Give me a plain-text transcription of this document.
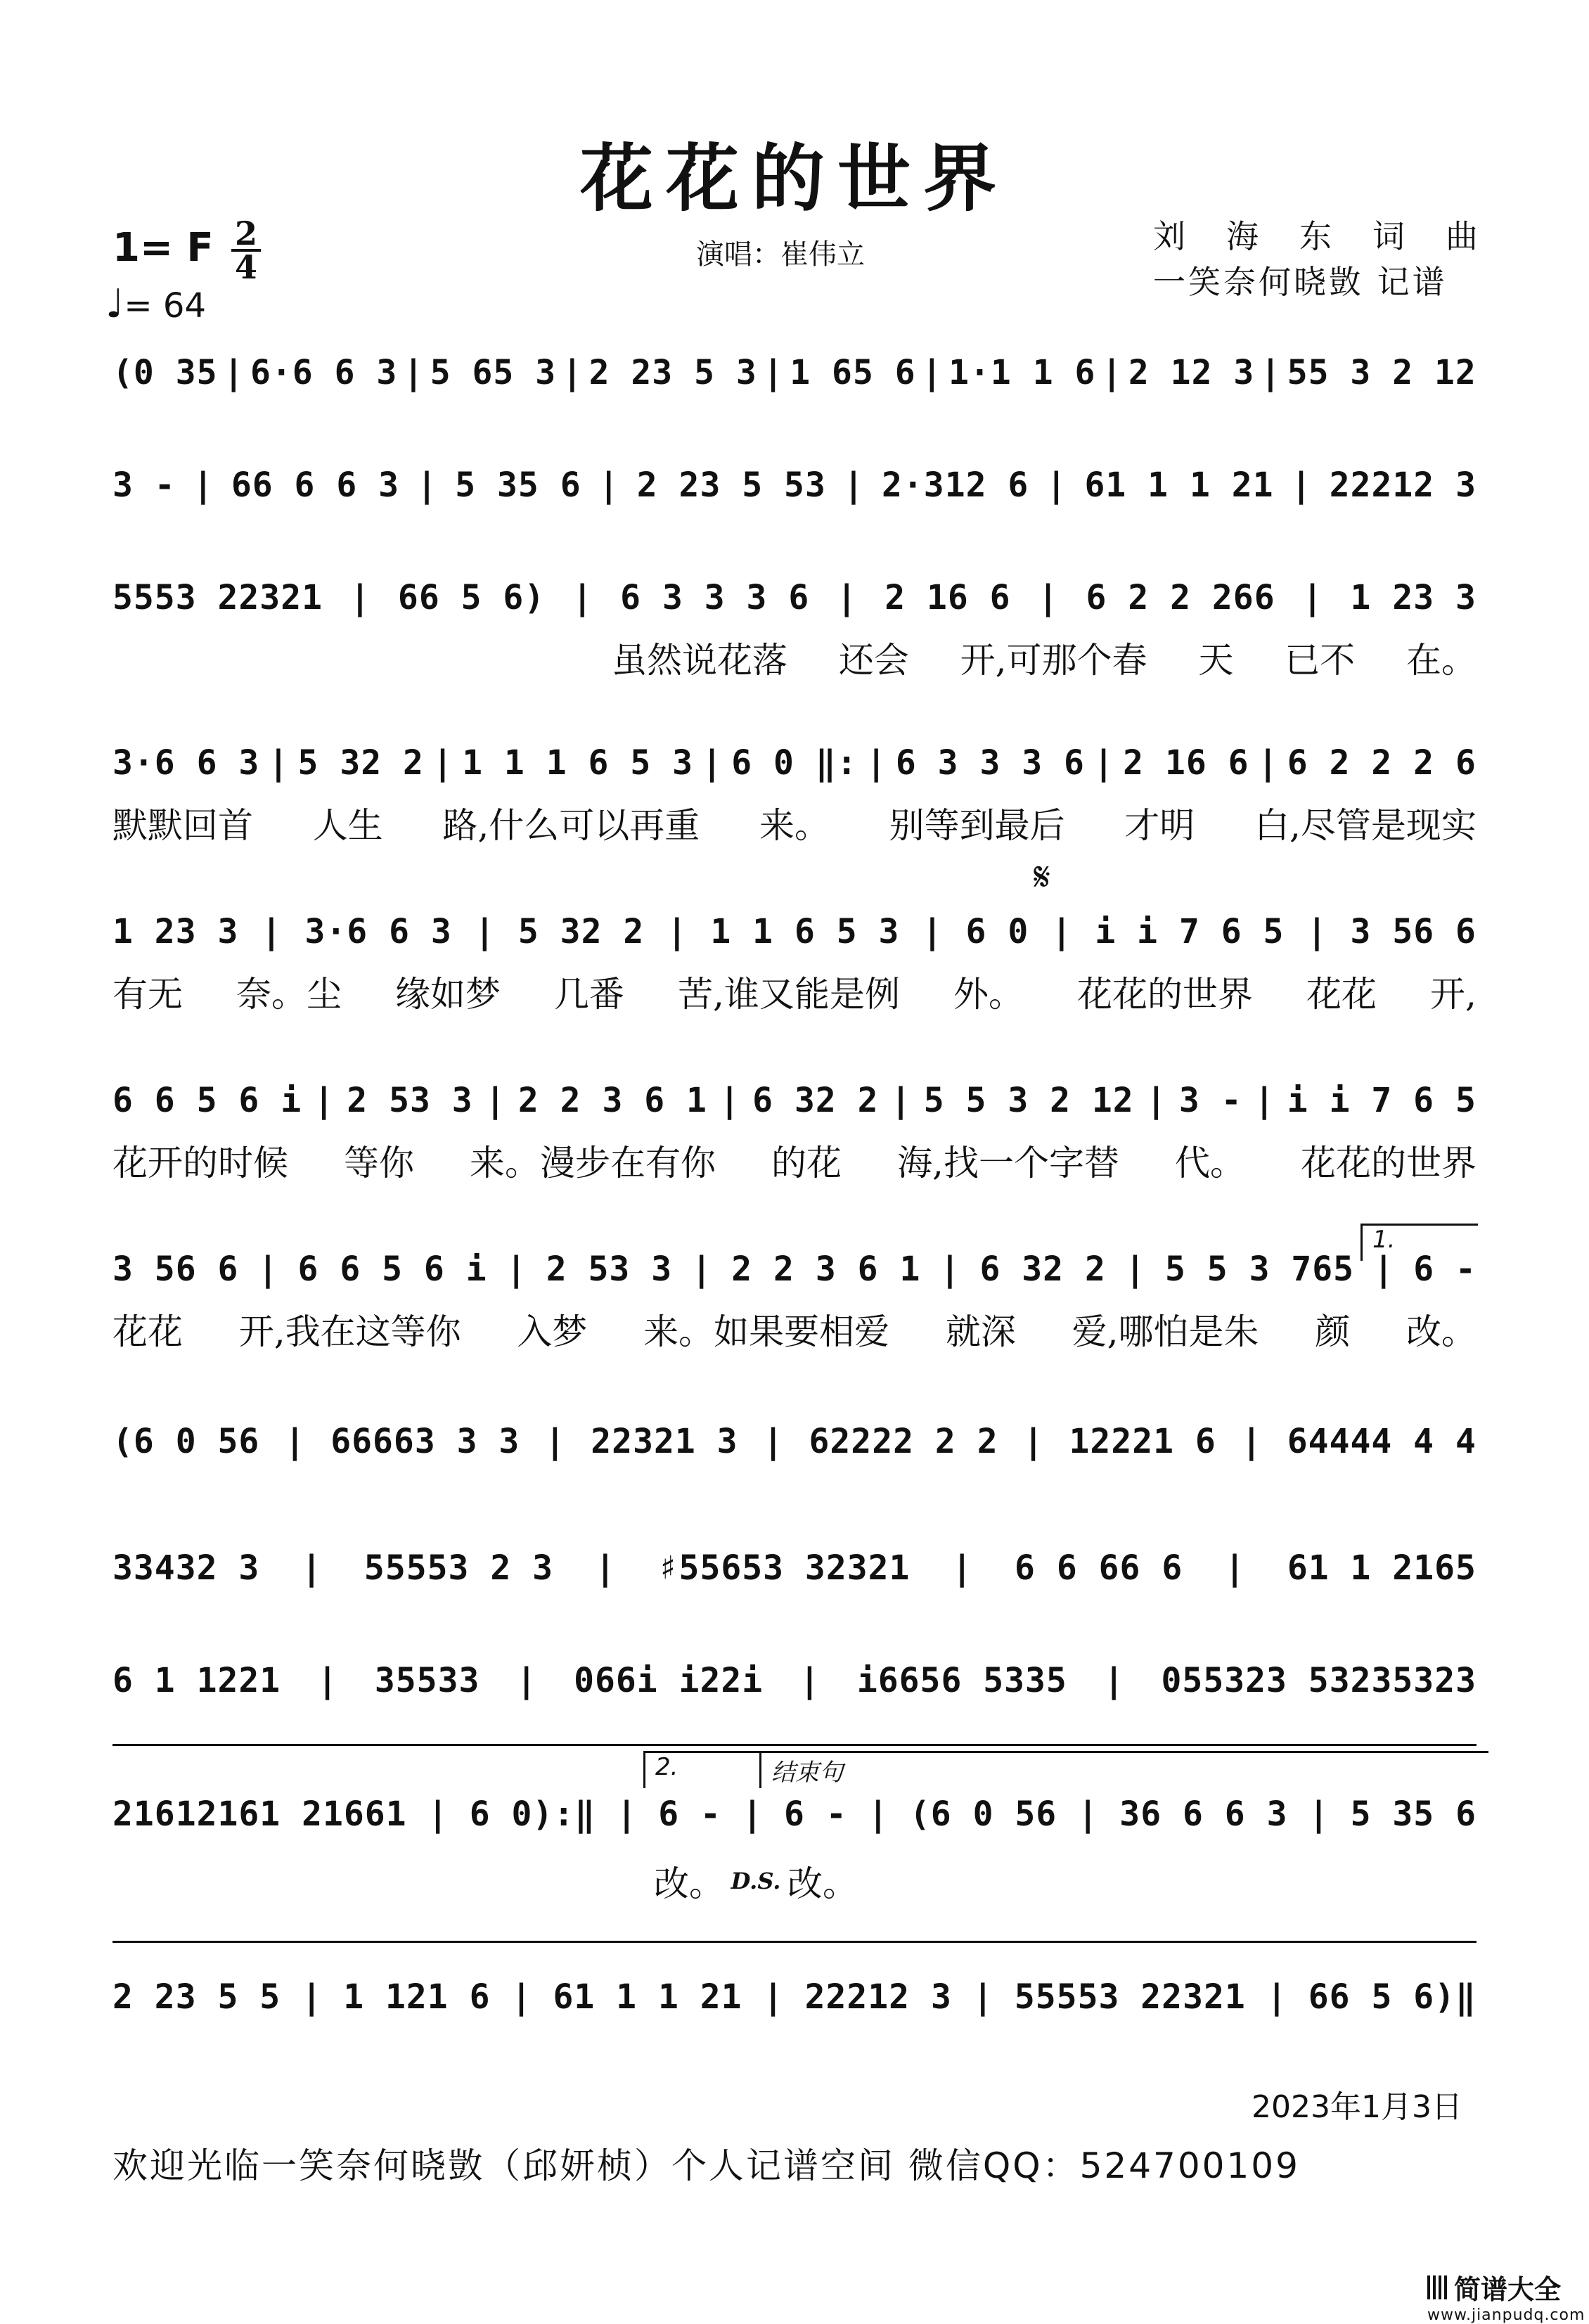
花花的世界
1= F 2
4
♩= 64
演唱：崔伟立	刘海东词曲
一笑奈何晓敳 记谱
(0 35 | 6·6 6 3 | 5 65 3 | 2 23 5 3 | 1 65 6 | 1·1 1 6 | 2 12 3 | 55 3 2 12
3 - | 66 6 6 3 | 5 35 6 | 2 23 5 53 | 2·312 6 | 61 1 1 21 | 22212 3
5553 22321 | 66 5 6) | 6 3 3 3 6 | 2 16 6 | 6 2 2 266 | 1 23 3
3·6 6 3 | 5 32 2 | 1 1 1 6 5 3 | 6 0 ‖: | 6 3 3 3 6 | 2 16 6 | 6 2 2 2 6
1 23 3 | 3·6 6 3 | 5 32 2 | 1 1 6 5 3 | 6 0 | i i 7 6 5 | 3 56 6
6 6 5 6 i | 2 53 3 | 2 2 3 6 1 | 6 32 2 | 5 5 3 2 12 | 3 - | i i 7 6 5
3 56 6 | 6 6 5 6 i | 2 53 3 | 2 2 3 6 1 | 6 32 2 | 5 5 3 765 | 6 -
(6 0 56 | 66663 3 3 | 22321 3 | 62222 2 2 | 12221 6 | 64444 4 4
33432 3 | 55553 2 3 | ♯55653 32321 | 6 6 66 6 | 61 1 2165
6 1 1221 | 35533 | 066i i22i | i6656 5335 | 055323 53235323
21612161 21661 | 6 0):‖ | 6 - | 6 - | (6 0 56 | 36 6 6 3 | 5 35 6
2 23 5 5 | 1 121 6 | 61 1 1 21 | 22212 3 | 55553 22321 | 66 5 6)‖
虽然说花落 还会 开,可那个春 天 已不 在。
默默回首 人生 路,什么可以再重 来。 别等到最后 才明 白,尽管是现实
有无 奈。尘 缘如梦 几番 苦,谁又能是例 外。 花花的世界 花花 开,
花开的时候 等你 来。漫步在有你 的花 海,找一个字替 代。 花花的世界
花花 开,我在这等你 入梦 来。如果要相爱 就深 爱,哪怕是朱 颜 改。
改。 D.S. 改。
𝄋
1.
2.	结束句
2023年1月3日
欢迎光临一笑奈何晓敳（邱妍桢）个人记谱空间 微信QQ：524700109
简谱大全
www.jianpudq.com
